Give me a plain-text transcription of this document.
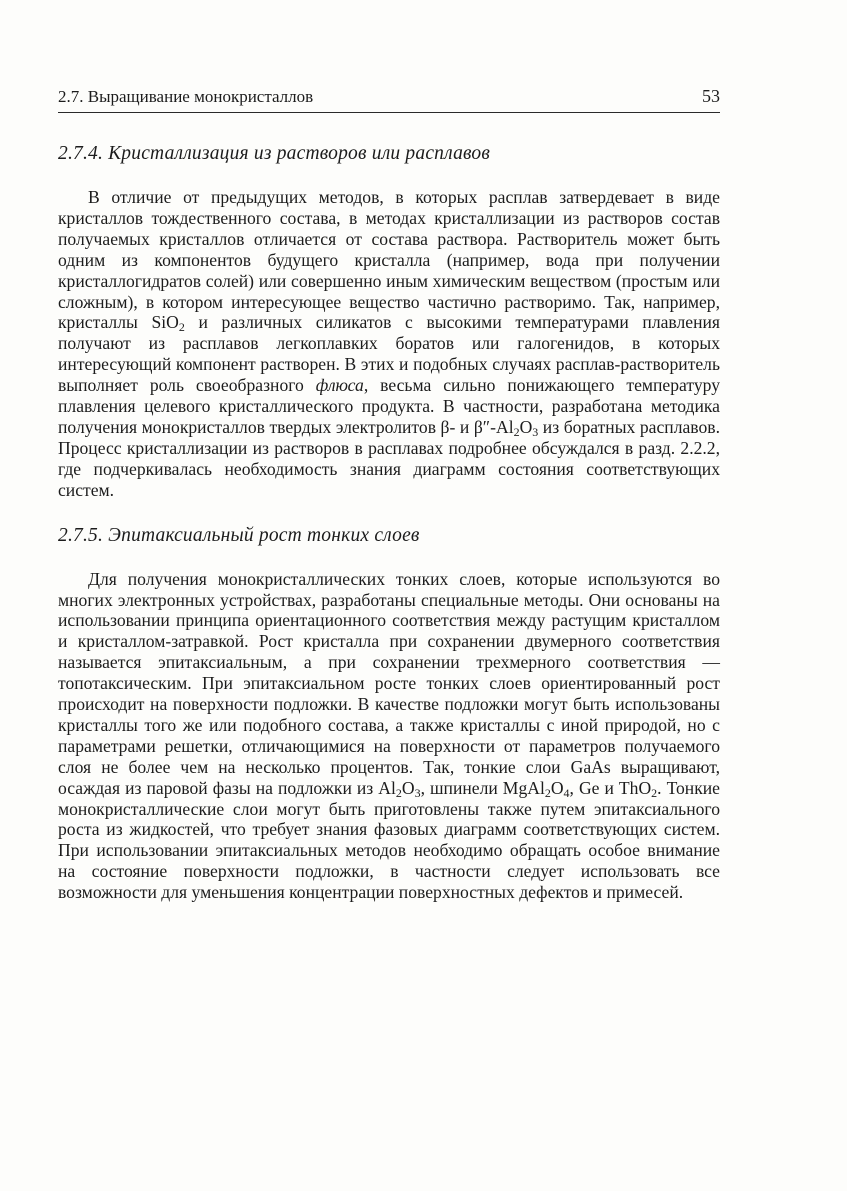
2.7. Выращивание монокристаллов	53
2.7.4. Кристаллизация из растворов или расплавов

В отличие от предыдущих методов, в которых расплав затвердевает в виде кристаллов тождественного состава, в методах кристаллизации из растворов состав получаемых кристаллов отличается от состава раствора. Растворитель может быть одним из компонентов будущего кристалла (например, вода при получении кристаллогидратов солей) или совершенно иным химическим веществом (простым или сложным), в котором интересующее вещество частично растворимо. Так, например, кристаллы SiO$_2$ и различных силикатов с высокими температурами плавления получают из расплавов легкоплавких боратов или галогенидов, в которых интересующий компонент растворен. В этих и подобных случаях расплав-растворитель выполняет роль своеобразного флюса, весьма сильно понижающего температуру плавления целевого кристаллического продукта. В частности, разработана методика получения монокристаллов твердых электролитов β- и $\beta''-Al_2O_3$ из боратных расплавов. Процесс кристаллизации из растворов в расплавах подробнее обсуждался в разд. 2.2.2, где подчеркивалась необходимость знания диаграмм состояния соответствующих систем.

2.7.5. Эпитаксиальный рост тонких слоев

Для получения монокристаллических тонких слоев, которые используются во многих электронных устройствах, разработаны специальные методы. Они основаны на использовании принципа ориентационного соответствия между растущим кристаллом и кристаллом-затравкой. Рост кристалла при сохранении двумерного соответствия называется эпитаксиальным, а при сохранении трехмерного соответствия — топотаксическим. При эпитаксиальном росте тонких слоев ориентированный рост происходит на поверхности подложки. В качестве подложки могут быть использованы кристаллы того же или подобного состава, а также кристаллы с иной природой, но с параметрами решетки, отличающимися на поверхности от параметров получаемого слоя не более чем на несколько процентов. Так, тонкие слои GaAs выращивают, осаждая из паровой фазы на подложки из $Al_2O_3$, шпинели $MgAl_2O_4$, Ge и ThO$_2$. Тонкие монокристаллические слои могут быть приготовлены также путем эпитаксиального роста из жидкостей, что требует знания фазовых диаграмм соответствующих систем. При использовании эпитаксиальных методов необходимо обращать особое внимание на состояние поверхности подложки, в частности следует использовать все возможности для уменьшения концентрации поверхностных дефектов и примесей.
